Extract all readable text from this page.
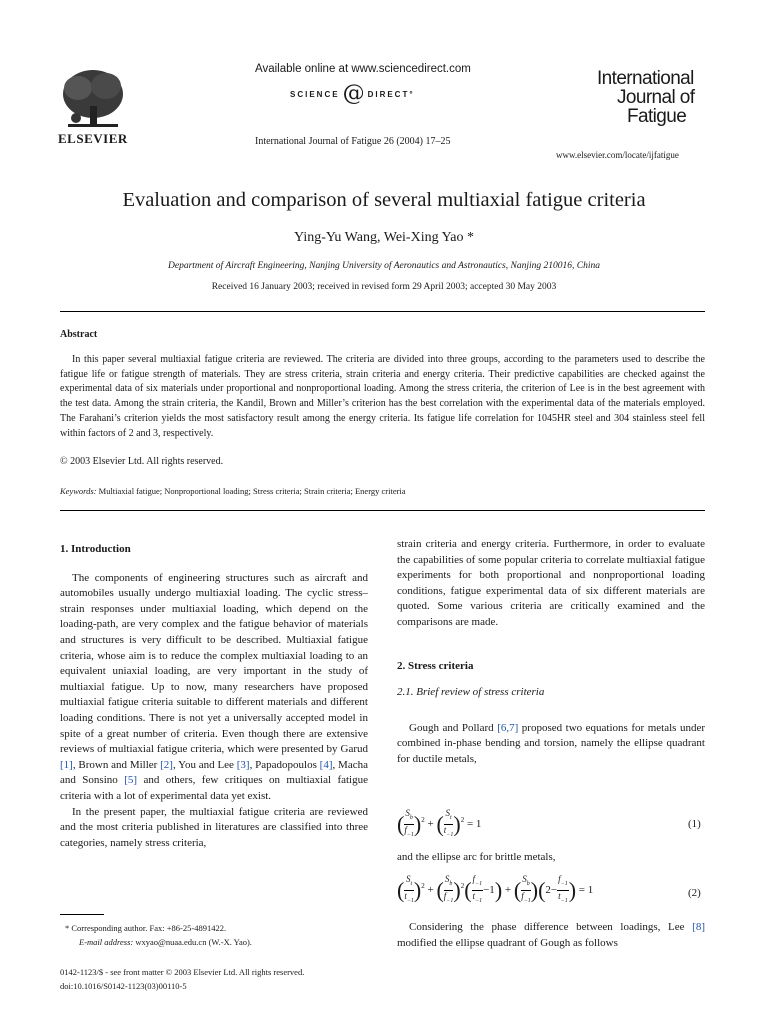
ELSEVIER
Available online at www.sciencedirect.com
SCIENCE @ DIRECT°
International Journal of Fatigue 26 (2004) 17–25
International
Journal of
Fatigue
www.elsevier.com/locate/ijfatigue
Evaluation and comparison of several multiaxial fatigue criteria
Ying-Yu Wang, Wei-Xing Yao *
Department of Aircraft Engineering, Nanjing University of Aeronautics and Astronautics, Nanjing 210016, China
Received 16 January 2003; received in revised form 29 April 2003; accepted 30 May 2003
Abstract
In this paper several multiaxial fatigue criteria are reviewed. The criteria are divided into three groups, according to the parameters used to describe the fatigue life or fatigue strength of materials. They are stress criteria, strain criteria and energy criteria. Their predictive capabilities are checked against the experimental data of six materials under proportional and nonproportional loading. Among the stress criteria, the criterion of Lee is in the best agreement with the test data. Among the strain criteria, the Kandil, Brown and Miller’s criterion has the best correlation with the experimental data of the materials employed. The Farahani’s criterion yields the most satisfactory result among the energy criteria. Its fatigue life correlation for 1045HR steel and 304 stainless steel fell within factors of 2 and 3, respectively.
© 2003 Elsevier Ltd. All rights reserved.
Keywords: Multiaxial fatigue; Nonproportional loading; Stress criteria; Strain criteria; Energy criteria
1. Introduction
The components of engineering structures such as aircraft and automobiles usually undergo multiaxial loading. The cyclic stress–strain responses under multiaxial loading, which depend on the loading-path, are very complex and the fatigue behavior of materials and structures is very difficult to be described. Multiaxial fatigue criteria, whose aim is to reduce the complex multiaxial loading to an equivalent uniaxial loading, are very important in the study of multiaxial fatigue. Up to now, many researchers have proposed multiaxial fatigue criteria suitable to different materials and different loading conditions. There is not yet a universally accepted model in spite of a great number of criteria. Even though there are extensive reviews of multiaxial fatigue criteria, which were presented by Garud [1], Brown and Miller [2], You and Lee [3], Papadopoulos [4], Macha and Sonsino [5] and others, few critiques on multiaxial fatigue criteria with a lot of experimental data yet exist.
In the present paper, the multiaxial fatigue criteria are reviewed and the most criteria published in literatures are classified into three categories, namely stress criteria,
strain criteria and energy criteria. Furthermore, in order to evaluate the capabilities of some popular criteria to correlate multiaxial fatigue experiments for both proportional and nonproportional loading conditions, fatigue experimental data of six different materials are quoted. Some various criteria are critically examined and the comparisons are made.
2. Stress criteria
2.1. Brief review of stress criteria
Gough and Pollard [6,7] proposed two equations for metals under combined in-phase bending and torsion, namely the ellipse quadrant for ductile metals,
( $\frac{S_b}{f_{-1}} )^2$ + ( $\frac{S_t}{t_{-1}} )^2 = 1$	(1)
and the ellipse arc for brittle metals,
( $\frac{S_t}{t_{-1}} )^2$ + ( $\frac{S_b}{f_{-1}} )^2( \frac{f_{-1}}{t_{-1}} -1)$ + ( $\frac{S_b}{f_{-1}} )(2- \frac{f_{-1}}{t_{-1}}$ ) = 1	(2)
Considering the phase difference between loadings, Lee [8] modified the ellipse quadrant of Gough as follows
* Corresponding author. Fax: +86-25-4891422.
E-mail address: wxyao@nuaa.edu.cn (W.-X. Yao).
0142-1123/$ - see front matter © 2003 Elsevier Ltd. All rights reserved.
doi:10.1016/S0142-1123(03)00110-5
